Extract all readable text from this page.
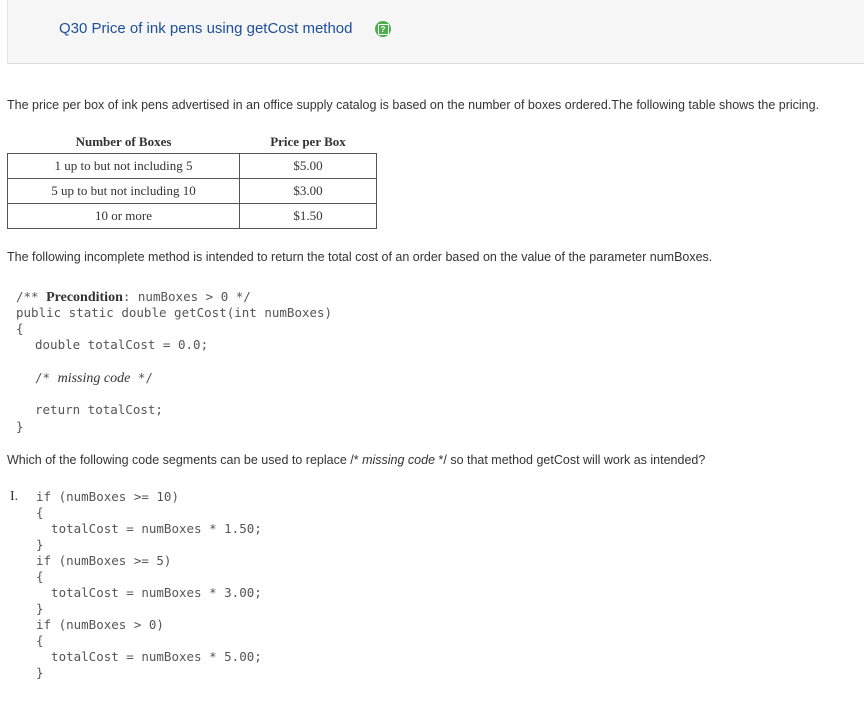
Q30 Price of ink pens using getCost method	?
The price per box of ink pens advertised in an office supply catalog is based on the number of boxes ordered.The following table shows the pricing.
Number of Boxes	Price per Box
1 up to but not including 5	$5.00
5 up to but not including 10	$3.00
10 or more	$1.50
The following incomplete method is intended to return the total cost of an order based on the value of the parameter numBoxes.
/** Precondition: numBoxes > 0 */
public static double getCost(int numBoxes)
{
double totalCost = 0.0;
/* missing code */
return totalCost;
}
Which of the following code segments can be used to replace /* missing code */ so that method getCost will work as intended?
I. if (numBoxes >= 10)
{
totalCost = numBoxes * 1.50;
}
if (numBoxes >= 5)
{
totalCost = numBoxes * 3.00;
}
if (numBoxes > 0)
{
totalCost = numBoxes * 5.00;
}
